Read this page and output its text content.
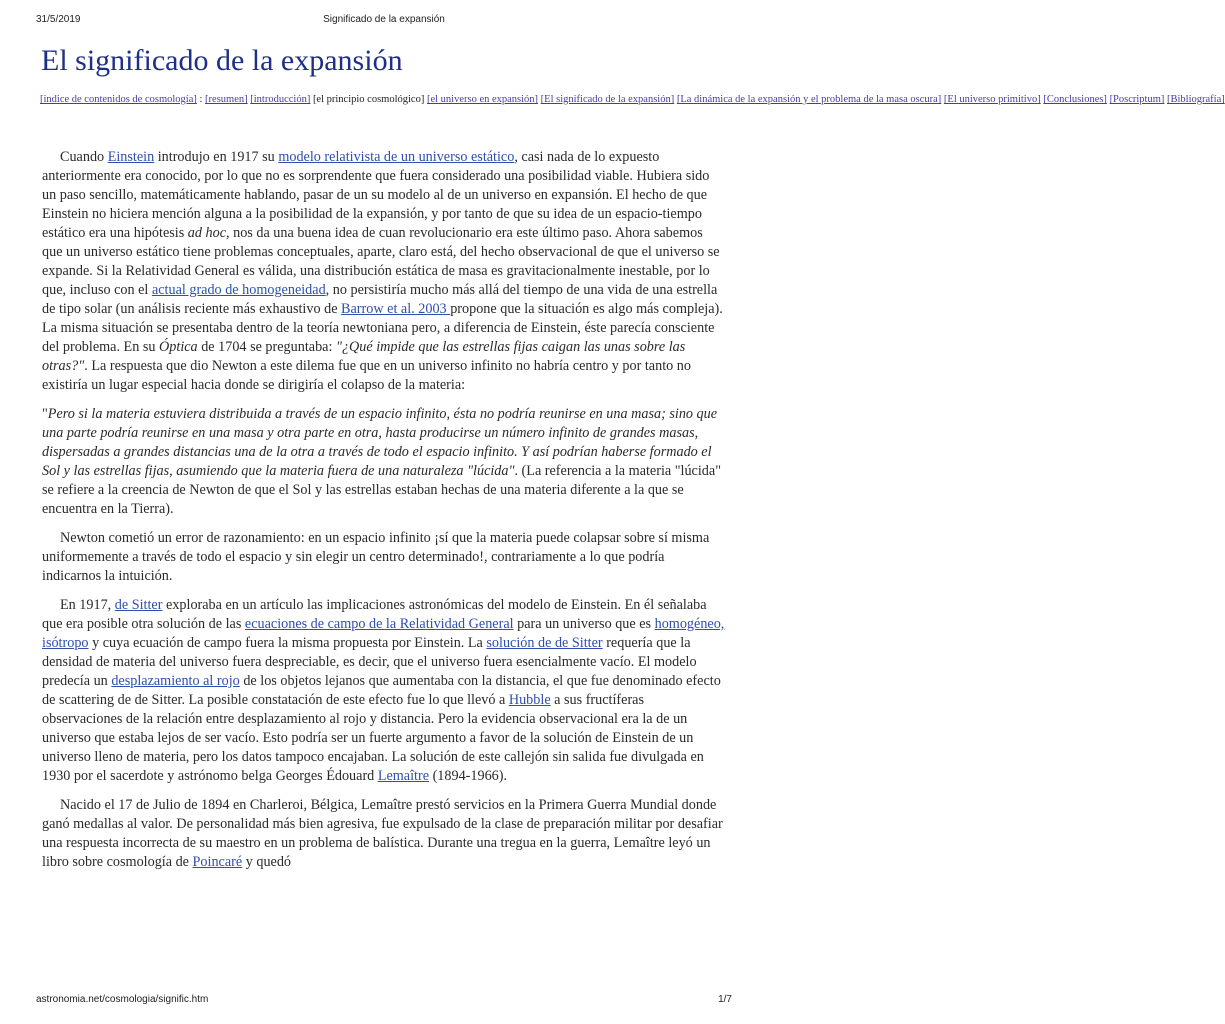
31/5/2019	Significado de la expansión
El significado de la expansión
[indice de contenidos de cosmología] : [resumen] [introducción] [el principio cosmológico] [el universo en expansión] [El significado de la expansión] [La dinámica de la expansión y el problema de la masa oscura] [El universo primitivo] [Conclusiones] [Poscriptum] [Bibliografía]

Cuando Einstein introdujo en 1917 su modelo relativista de un universo estático, casi nada de lo expuesto anteriormente era conocido, por lo que no es sorprendente que fuera considerado una posibilidad viable. Hubiera sido un paso sencillo, matemáticamente hablando, pasar de un su modelo al de un universo en expansión. El hecho de que Einstein no hiciera mención alguna a la posibilidad de la expansión, y por tanto de que su idea de un espacio-tiempo estático era una hipótesis ad hoc, nos da una buena idea de cuan revolucionario era este último paso. Ahora sabemos que un universo estático tiene problemas conceptuales, aparte, claro está, del hecho observacional de que el universo se expande. Si la Relatividad General es válida, una distribución estática de masa es gravitacionalmente inestable, por lo que, incluso con el actual grado de homogeneidad, no persistiría mucho más allá del tiempo de una vida de una estrella de tipo solar (un análisis reciente más exhaustivo de Barrow et al. 2003 propone que la situación es algo más compleja). La misma situación se presentaba dentro de la teoría newtoniana pero, a diferencia de Einstein, éste parecía consciente del problema. En su Óptica de 1704 se preguntaba: "¿Qué impide que las estrellas fijas caigan las unas sobre las otras?". La respuesta que dio Newton a este dilema fue que en un universo infinito no habría centro y por tanto no existiría un lugar especial hacia donde se dirigiría el colapso de la materia:

"Pero si la materia estuviera distribuida a través de un espacio infinito, ésta no podría reunirse en una masa; sino que una parte podría reunirse en una masa y otra parte en otra, hasta producirse un número infinito de grandes masas, dispersadas a grandes distancias una de la otra a través de todo el espacio infinito. Y así podrían haberse formado el Sol y las estrellas fijas, asumiendo que la materia fuera de una naturaleza "lúcida". (La referencia a la materia "lúcida" se refiere a la creencia de Newton de que el Sol y las estrellas estaban hechas de una materia diferente a la que se encuentra en la Tierra).

Newton cometió un error de razonamiento: en un espacio infinito ¡sí que la materia puede colapsar sobre sí misma uniformemente a través de todo el espacio y sin elegir un centro determinado!, contrariamente a lo que podría indicarnos la intuición.

En 1917, de Sitter exploraba en un artículo las implicaciones astronómicas del modelo de Einstein. En él señalaba que era posible otra solución de las ecuaciones de campo de la Relatividad General para un universo que es homogéneo, isótropo y cuya ecuación de campo fuera la misma propuesta por Einstein. La solución de de Sitter requería que la densidad de materia del universo fuera despreciable, es decir, que el universo fuera esencialmente vacío. El modelo predecía un desplazamiento al rojo de los objetos lejanos que aumentaba con la distancia, el que fue denominado efecto de scattering de de Sitter. La posible constatación de este efecto fue lo que llevó a Hubble a sus fructíferas observaciones de la relación entre desplazamiento al rojo y distancia. Pero la evidencia observacional era la de un universo que estaba lejos de ser vacío. Esto podría ser un fuerte argumento a favor de la solución de Einstein de un universo lleno de materia, pero los datos tampoco encajaban. La solución de este callejón sin salida fue divulgada en 1930 por el sacerdote y astrónomo belga Georges Édouard Lemaître (1894-1966).

Nacido el 17 de Julio de 1894 en Charleroi, Bélgica, Lemaître prestó servicios en la Primera Guerra Mundial donde ganó medallas al valor. De personalidad más bien agresiva, fue expulsado de la clase de preparación militar por desafiar una respuesta incorrecta de su maestro en un problema de balística. Durante una tregua en la guerra, Lemaître leyó un libro sobre cosmología de Poincaré y quedó

astronomia.net/cosmologia/signific.htm	1/7
